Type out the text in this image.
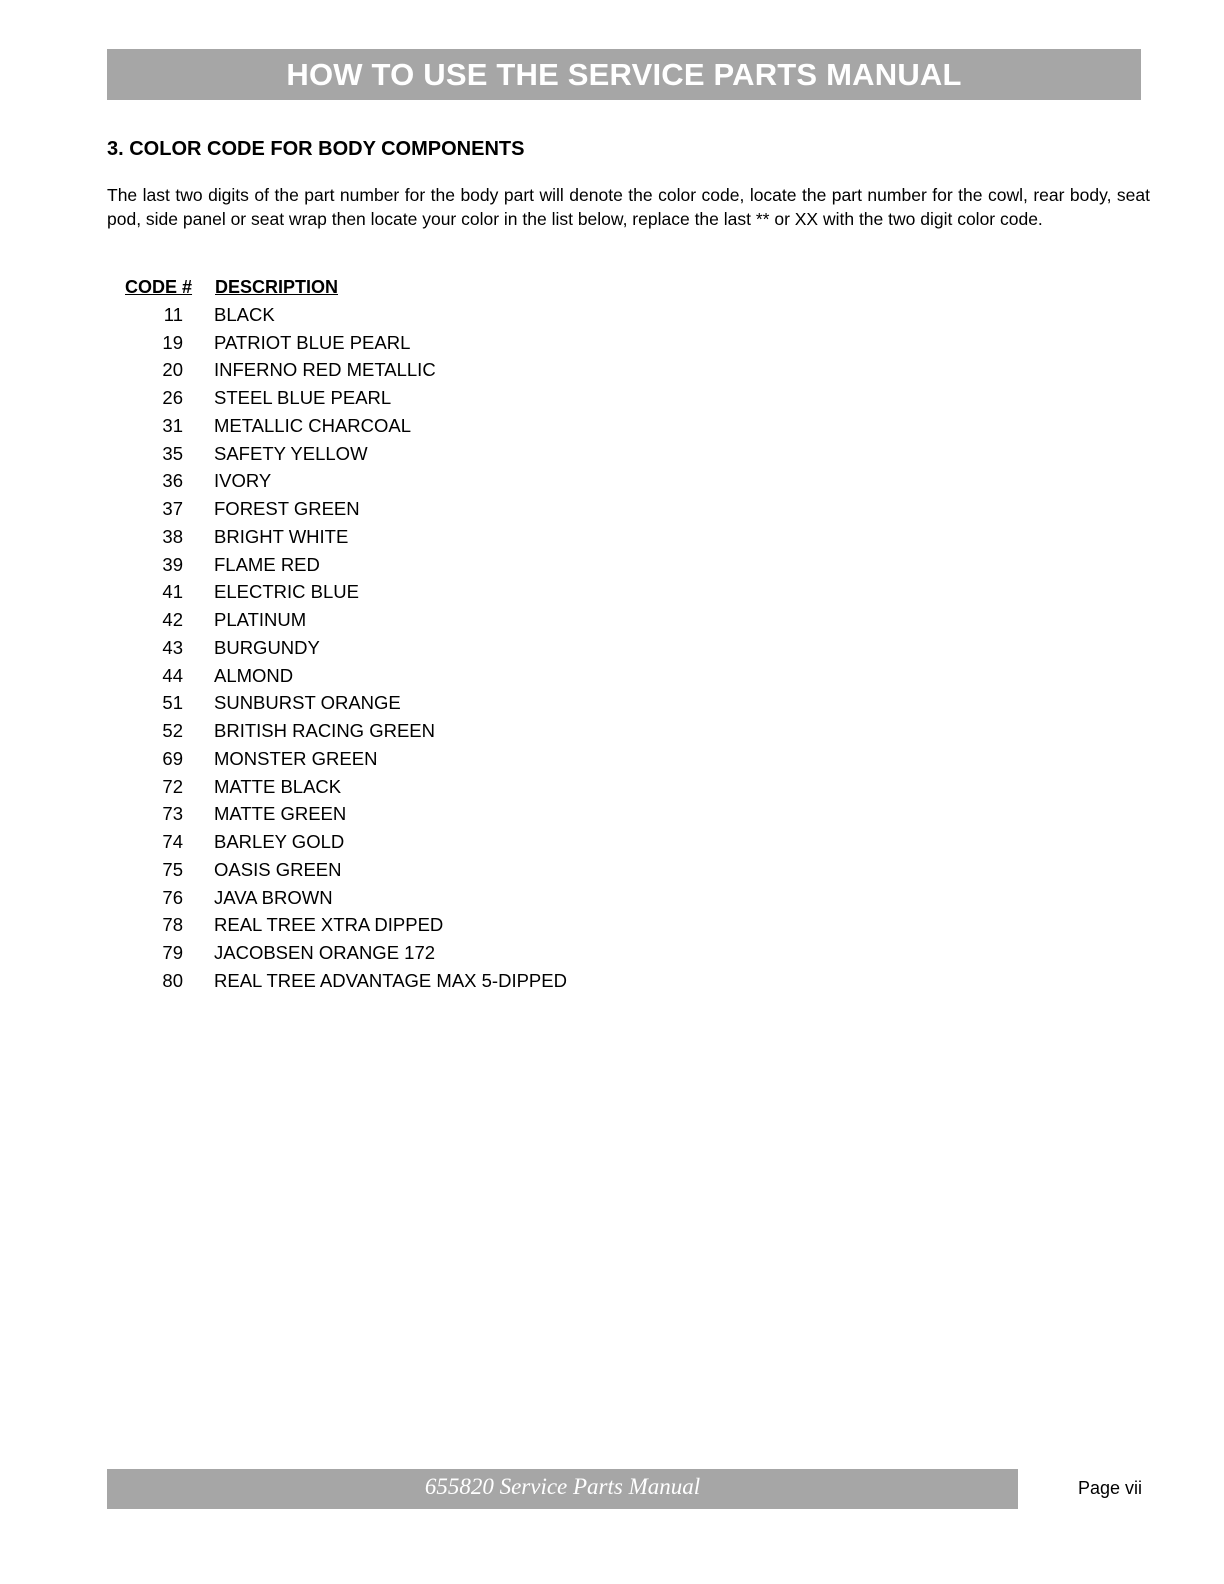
HOW TO USE THE SERVICE PARTS MANUAL
3. COLOR CODE FOR BODY COMPONENTS
The last two digits of the part number for the body part will denote the color code, locate the part number for the cowl, rear body, seat pod, side panel or seat wrap then locate your color in the list below, replace the last ** or XX with the two digit color code.
CODE #	DESCRIPTION
11	BLACK
19	PATRIOT BLUE PEARL
20	INFERNO RED METALLIC
26	STEEL BLUE PEARL
31	METALLIC CHARCOAL
35	SAFETY YELLOW
36	IVORY
37	FOREST GREEN
38	BRIGHT WHITE
39	FLAME RED
41	ELECTRIC BLUE
42	PLATINUM
43	BURGUNDY
44	ALMOND
51	SUNBURST ORANGE
52	BRITISH RACING GREEN
69	MONSTER GREEN
72	MATTE BLACK
73	MATTE GREEN
74	BARLEY GOLD
75	OASIS GREEN
76	JAVA BROWN
78	REAL TREE XTRA DIPPED
79	JACOBSEN ORANGE 172
80	REAL TREE ADVANTAGE MAX 5-DIPPED
655820 Service Parts Manual	Page vii
